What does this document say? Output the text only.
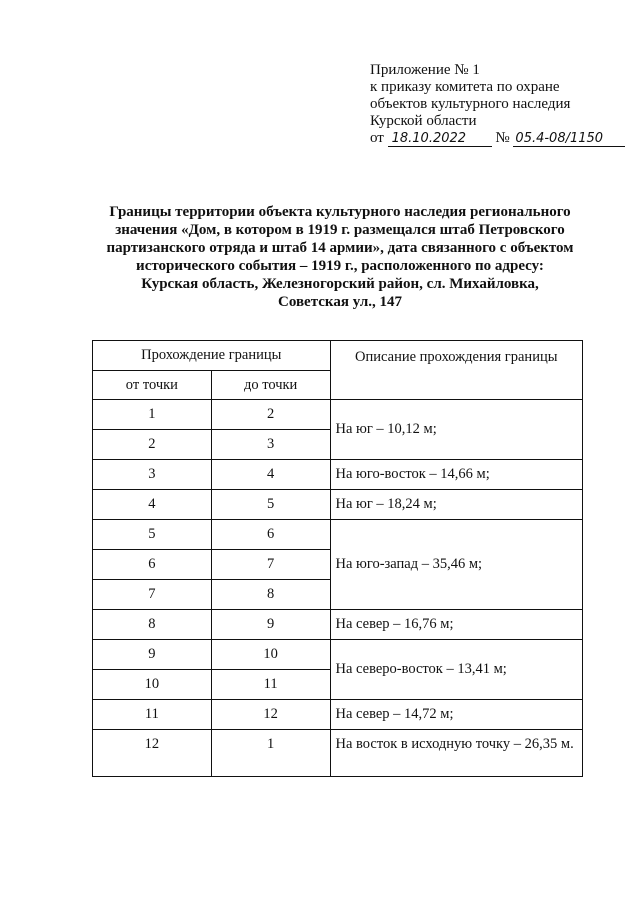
Приложение № 1
к приказу комитета по охране
объектов культурного наследия
Курской области
от 18.10.2022 № 05.4-08/1150
Границы территории объекта культурного наследия регионального
значения «Дом, в котором в 1919 г. размещался штаб Петровского
партизанского отряда и штаб 14 армии», дата связанного с объектом
исторического события – 1919 г., расположенного по адресу:
Курская область, Железногорский район, сл. Михайловка,
Советская ул., 147
Прохождение границы		Описание прохождения границы
от точки	до точки	
1	2	На юг – 10,12 м;
2	3	
3	4	На юго-восток – 14,66 м;
4	5	На юг – 18,24 м;
5	6	На юго-запад – 35,46 м;
6	7	
7	8	
8	9	На север – 16,76 м;
9	10	На северо-восток – 13,41 м;
10	11	
11	12	На север – 14,72 м;
12	1	На восток в исходную точку – 26,35 м.
